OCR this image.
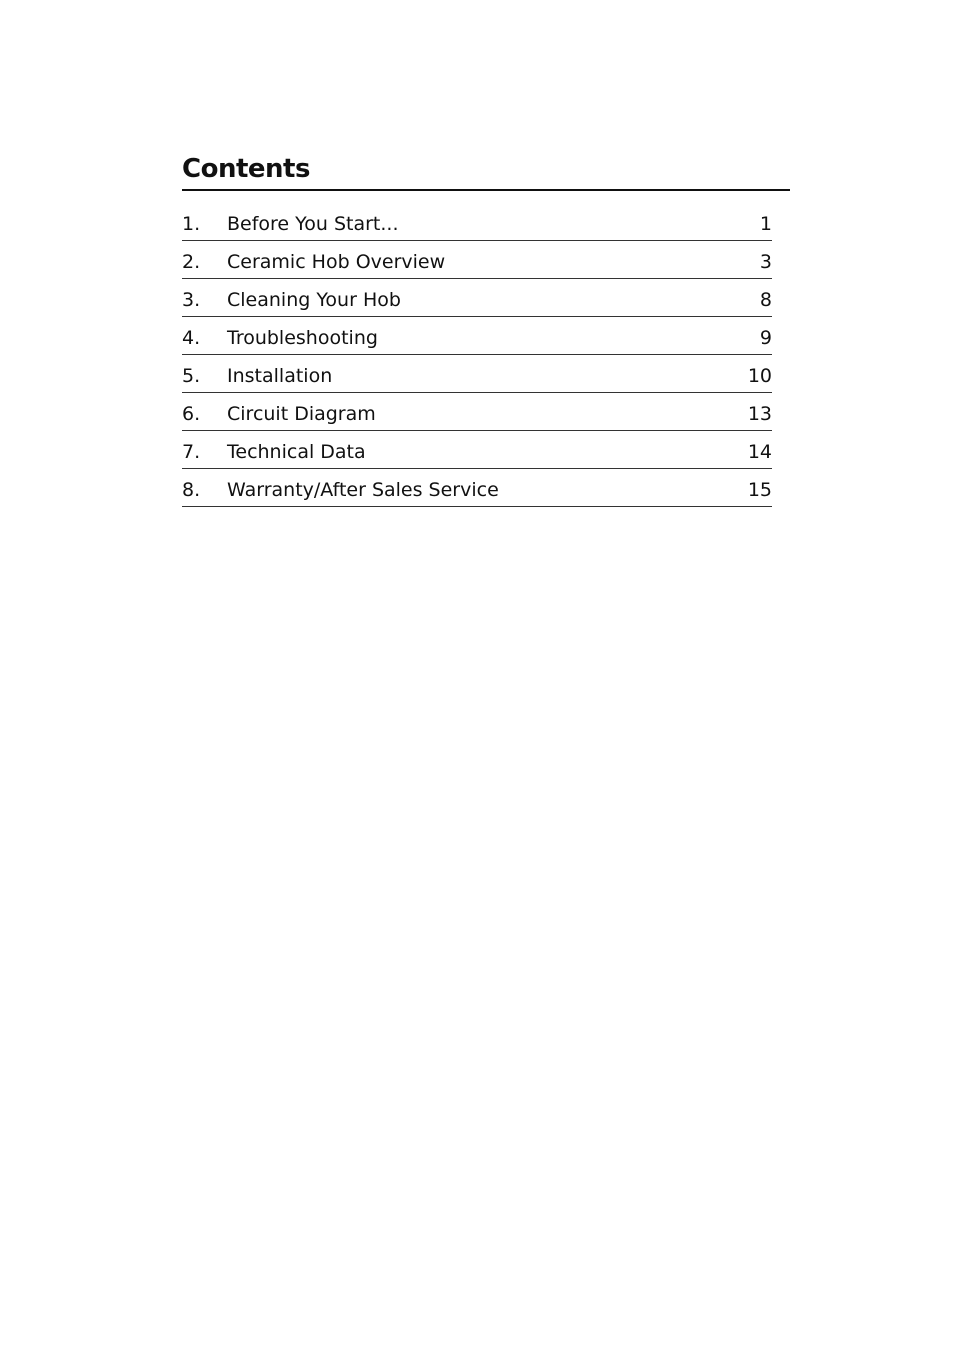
Contents
1. Before You Start...	1
2. Ceramic Hob Overview	3
3. Cleaning Your Hob	8
4. Troubleshooting	9
5. Installation	10
6. Circuit Diagram	13
7. Technical Data	14
8. Warranty/After Sales Service	15
